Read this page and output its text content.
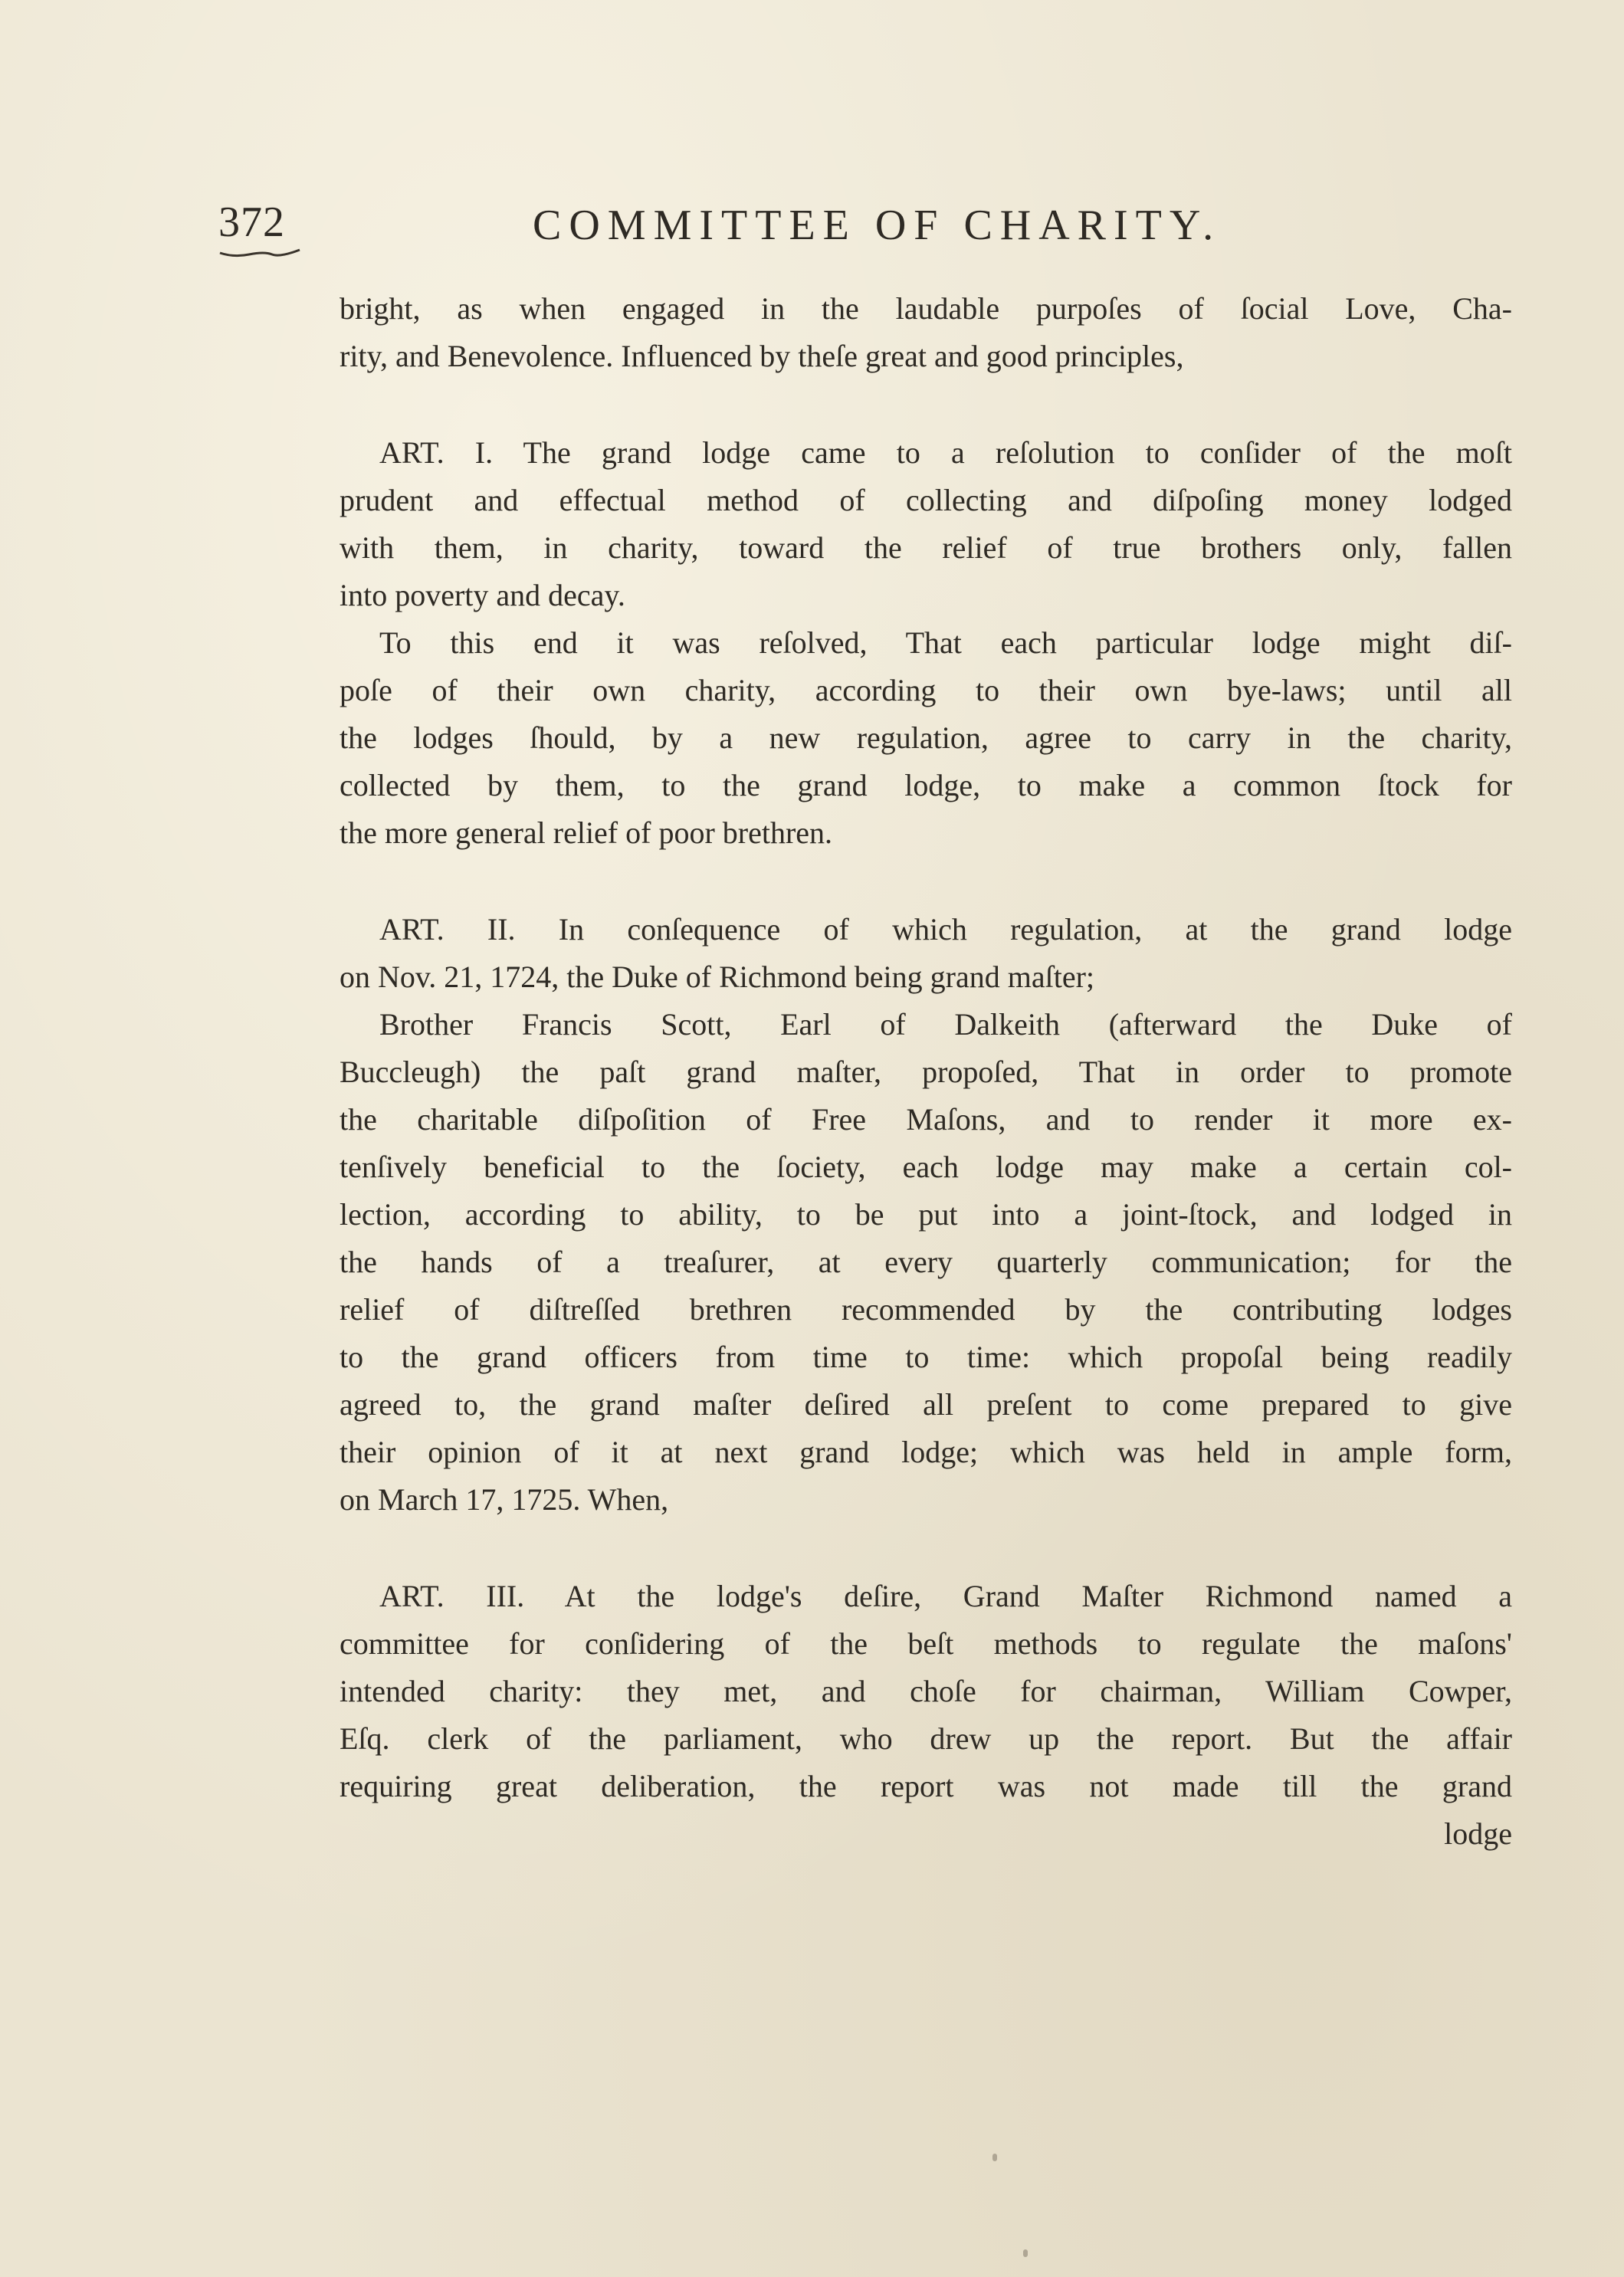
372	COMMITTEE OF CHARITY.
bright, as when engaged in the laudable purpoſes of ſocial Love, Cha-
rity, and Benevolence. Influenced by theſe great and good principles,
ART. I. The grand lodge came to a reſolution to conſider of the moſt
prudent and effectual method of collecting and diſpoſing money lodged
with them, in charity, toward the relief of true brothers only, fallen
into poverty and decay.
To this end it was reſolved, That each particular lodge might diſ-
poſe of their own charity, according to their own bye-laws; until all
the lodges ſhould, by a new regulation, agree to carry in the charity,
collected by them, to the grand lodge, to make a common ſtock for
the more general relief of poor brethren.
ART. II. In conſequence of which regulation, at the grand lodge
on Nov. 21, 1724, the Duke of Richmond being grand maſter;
Brother Francis Scott, Earl of Dalkeith (afterward the Duke of
Buccleugh) the paſt grand maſter, propoſed, That in order to promote
the charitable diſpoſition of Free Maſons, and to render it more ex-
tenſively beneficial to the ſociety, each lodge may make a certain col-
lection, according to ability, to be put into a joint-ſtock, and lodged in
the hands of a treaſurer, at every quarterly communication; for the
relief of diſtreſſed brethren recommended by the contributing lodges
to the grand officers from time to time: which propoſal being readily
agreed to, the grand maſter deſired all preſent to come prepared to give
their opinion of it at next grand lodge; which was held in ample form,
on March 17, 1725. When,
ART. III. At the lodge's deſire, Grand Maſter Richmond named a
committee for conſidering of the beſt methods to regulate the maſons'
intended charity: they met, and choſe for chairman, William Cowper,
Eſq. clerk of the parliament, who drew up the report. But the affair
requiring great deliberation, the report was not made till the grand
lodge
